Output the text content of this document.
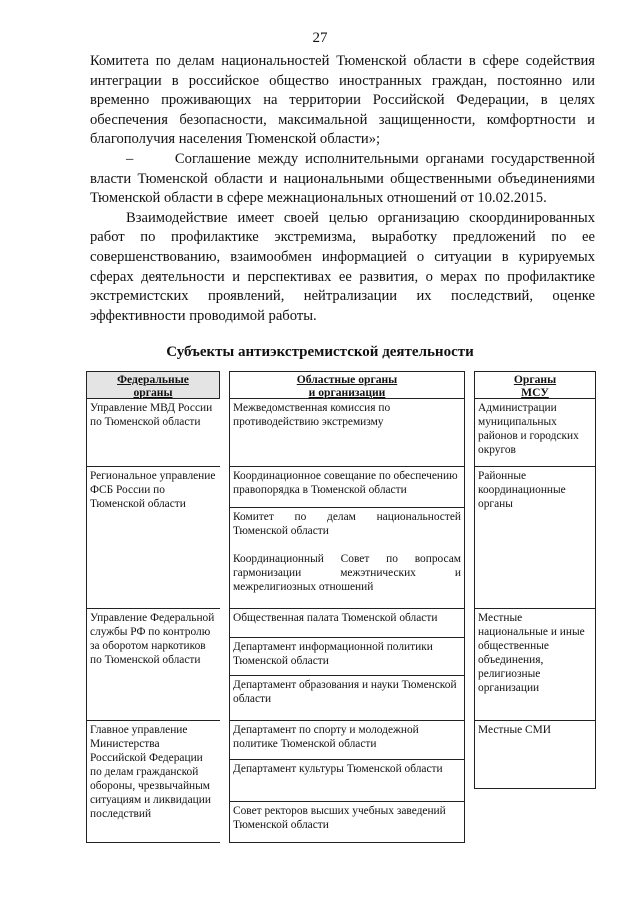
27

Комитета по делам национальностей Тюменской области в сфере содействия интеграции в российское общество иностранных граждан, постоянно или временно проживающих на территории Российской Федерации, в целях обеспечения безопасности, максимальной защищенности, комфортности и благополучия населения Тюменской области»;

–      Соглашение между исполнительными органами государственной власти Тюменской области и национальными общественными объединениями Тюменской области в сфере межнациональных отношений от 10.02.2015.

Взаимодействие имеет своей целью организацию скоординированных работ по профилактике экстремизма, выработку предложений по ее совершенствованию, взаимообмен информацией о ситуации в курируемых сферах деятельности и перспективах ее развития, о мерах по профилактике экстремистских проявлений, нейтрализации их последствий, оценке эффективности проводимой работы.

Субъекты антиэкстремистской деятельности
Федеральные
органы
Управление МВД России по Тюменской области
Региональное управление ФСБ России по Тюменской области
Управление Федеральной службы РФ по контролю за оборотом наркотиков по Тюменской области
Главное управление Министерства Российской Федерации по делам гражданской обороны, чрезвычайным ситуациям и ликвидации последствий
Областные органы
и организации
Межведомственная комиссия по противодействию экстремизму
Координационное совещание по обеспечению правопорядка в Тюменской области
Комитет по делам национальностей Тюменской области
Координационный Совет по вопросам гармонизации межэтнических и межрелигиозных отношений
Общественная палата Тюменской области
Департамент информационной политики Тюменской области
Департамент образования и науки Тюменской области
Департамент по спорту и молодежной политике Тюменской области
Департамент культуры Тюменской области
Совет ректоров высших учебных заведений Тюменской области
Органы
МСУ
Администрации муниципальных районов и городских округов
Районные координационные органы
Местные национальные и иные общественные объединения, религиозные организации
Местные СМИ
